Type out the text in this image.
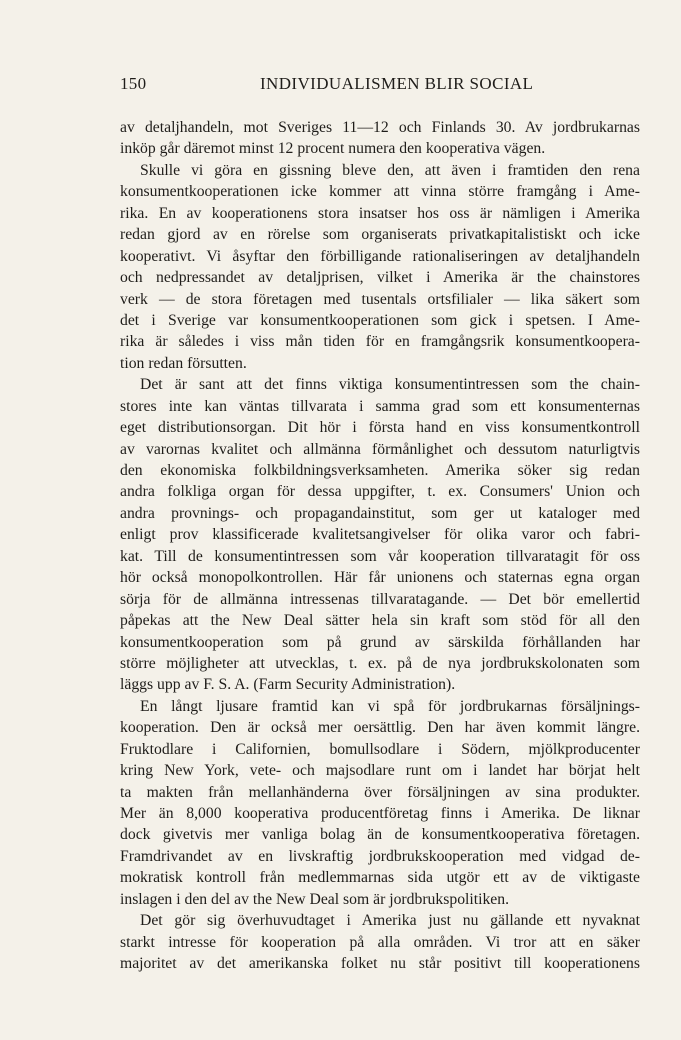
150	INDIVIDUALISMEN BLIR SOCIAL
av detaljhandeln, mot Sveriges 11—12 och Finlands 30. Av jordbrukarnas
inköp går däremot minst 12 procent numera den kooperativa vägen.
Skulle vi göra en gissning bleve den, att även i framtiden den rena
konsumentkooperationen icke kommer att vinna större framgång i Ame-
rika. En av kooperationens stora insatser hos oss är nämligen i Amerika
redan gjord av en rörelse som organiserats privatkapitalistiskt och icke
kooperativt. Vi åsyftar den förbilligande rationaliseringen av detaljhandeln
och nedpressandet av detaljprisen, vilket i Amerika är the chainstores
verk — de stora företagen med tusentals ortsfilialer — lika säkert som
det i Sverige var konsumentkooperationen som gick i spetsen. I Ame-
rika är således i viss mån tiden för en framgångsrik konsumentkoopera-
tion redan försutten.
Det är sant att det finns viktiga konsumentintressen som the chain-
stores inte kan väntas tillvarata i samma grad som ett konsumenternas
eget distributionsorgan. Dit hör i första hand en viss konsumentkontroll
av varornas kvalitet och allmänna förmånlighet och dessutom naturligtvis
den ekonomiska folkbildningsverksamheten. Amerika söker sig redan
andra folkliga organ för dessa uppgifter, t. ex. Consumers' Union och
andra provnings- och propagandainstitut, som ger ut kataloger med
enligt prov klassificerade kvalitetsangivelser för olika varor och fabri-
kat. Till de konsumentintressen som vår kooperation tillvaratagit för oss
hör också monopolkontrollen. Här får unionens och staternas egna organ
sörja för de allmänna intressenas tillvaratagande. — Det bör emellertid
påpekas att the New Deal sätter hela sin kraft som stöd för all den
konsumentkooperation som på grund av särskilda förhållanden har
större möjligheter att utvecklas, t. ex. på de nya jordbrukskolonaten som
läggs upp av F. S. A. (Farm Security Administration).
En långt ljusare framtid kan vi spå för jordbrukarnas försäljnings-
kooperation. Den är också mer oersättlig. Den har även kommit längre.
Fruktodlare i Californien, bomullsodlare i Södern, mjölkproducenter
kring New York, vete- och majsodlare runt om i landet har börjat helt
ta makten från mellanhänderna över försäljningen av sina produkter.
Mer än 8,000 kooperativa producentföretag finns i Amerika. De liknar
dock givetvis mer vanliga bolag än de konsumentkooperativa företagen.
Framdrivandet av en livskraftig jordbrukskooperation med vidgad de-
mokratisk kontroll från medlemmarnas sida utgör ett av de viktigaste
inslagen i den del av the New Deal som är jordbrukspolitiken.
Det gör sig överhuvudtaget i Amerika just nu gällande ett nyvaknat
starkt intresse för kooperation på alla områden. Vi tror att en säker
majoritet av det amerikanska folket nu står positivt till kooperationens
